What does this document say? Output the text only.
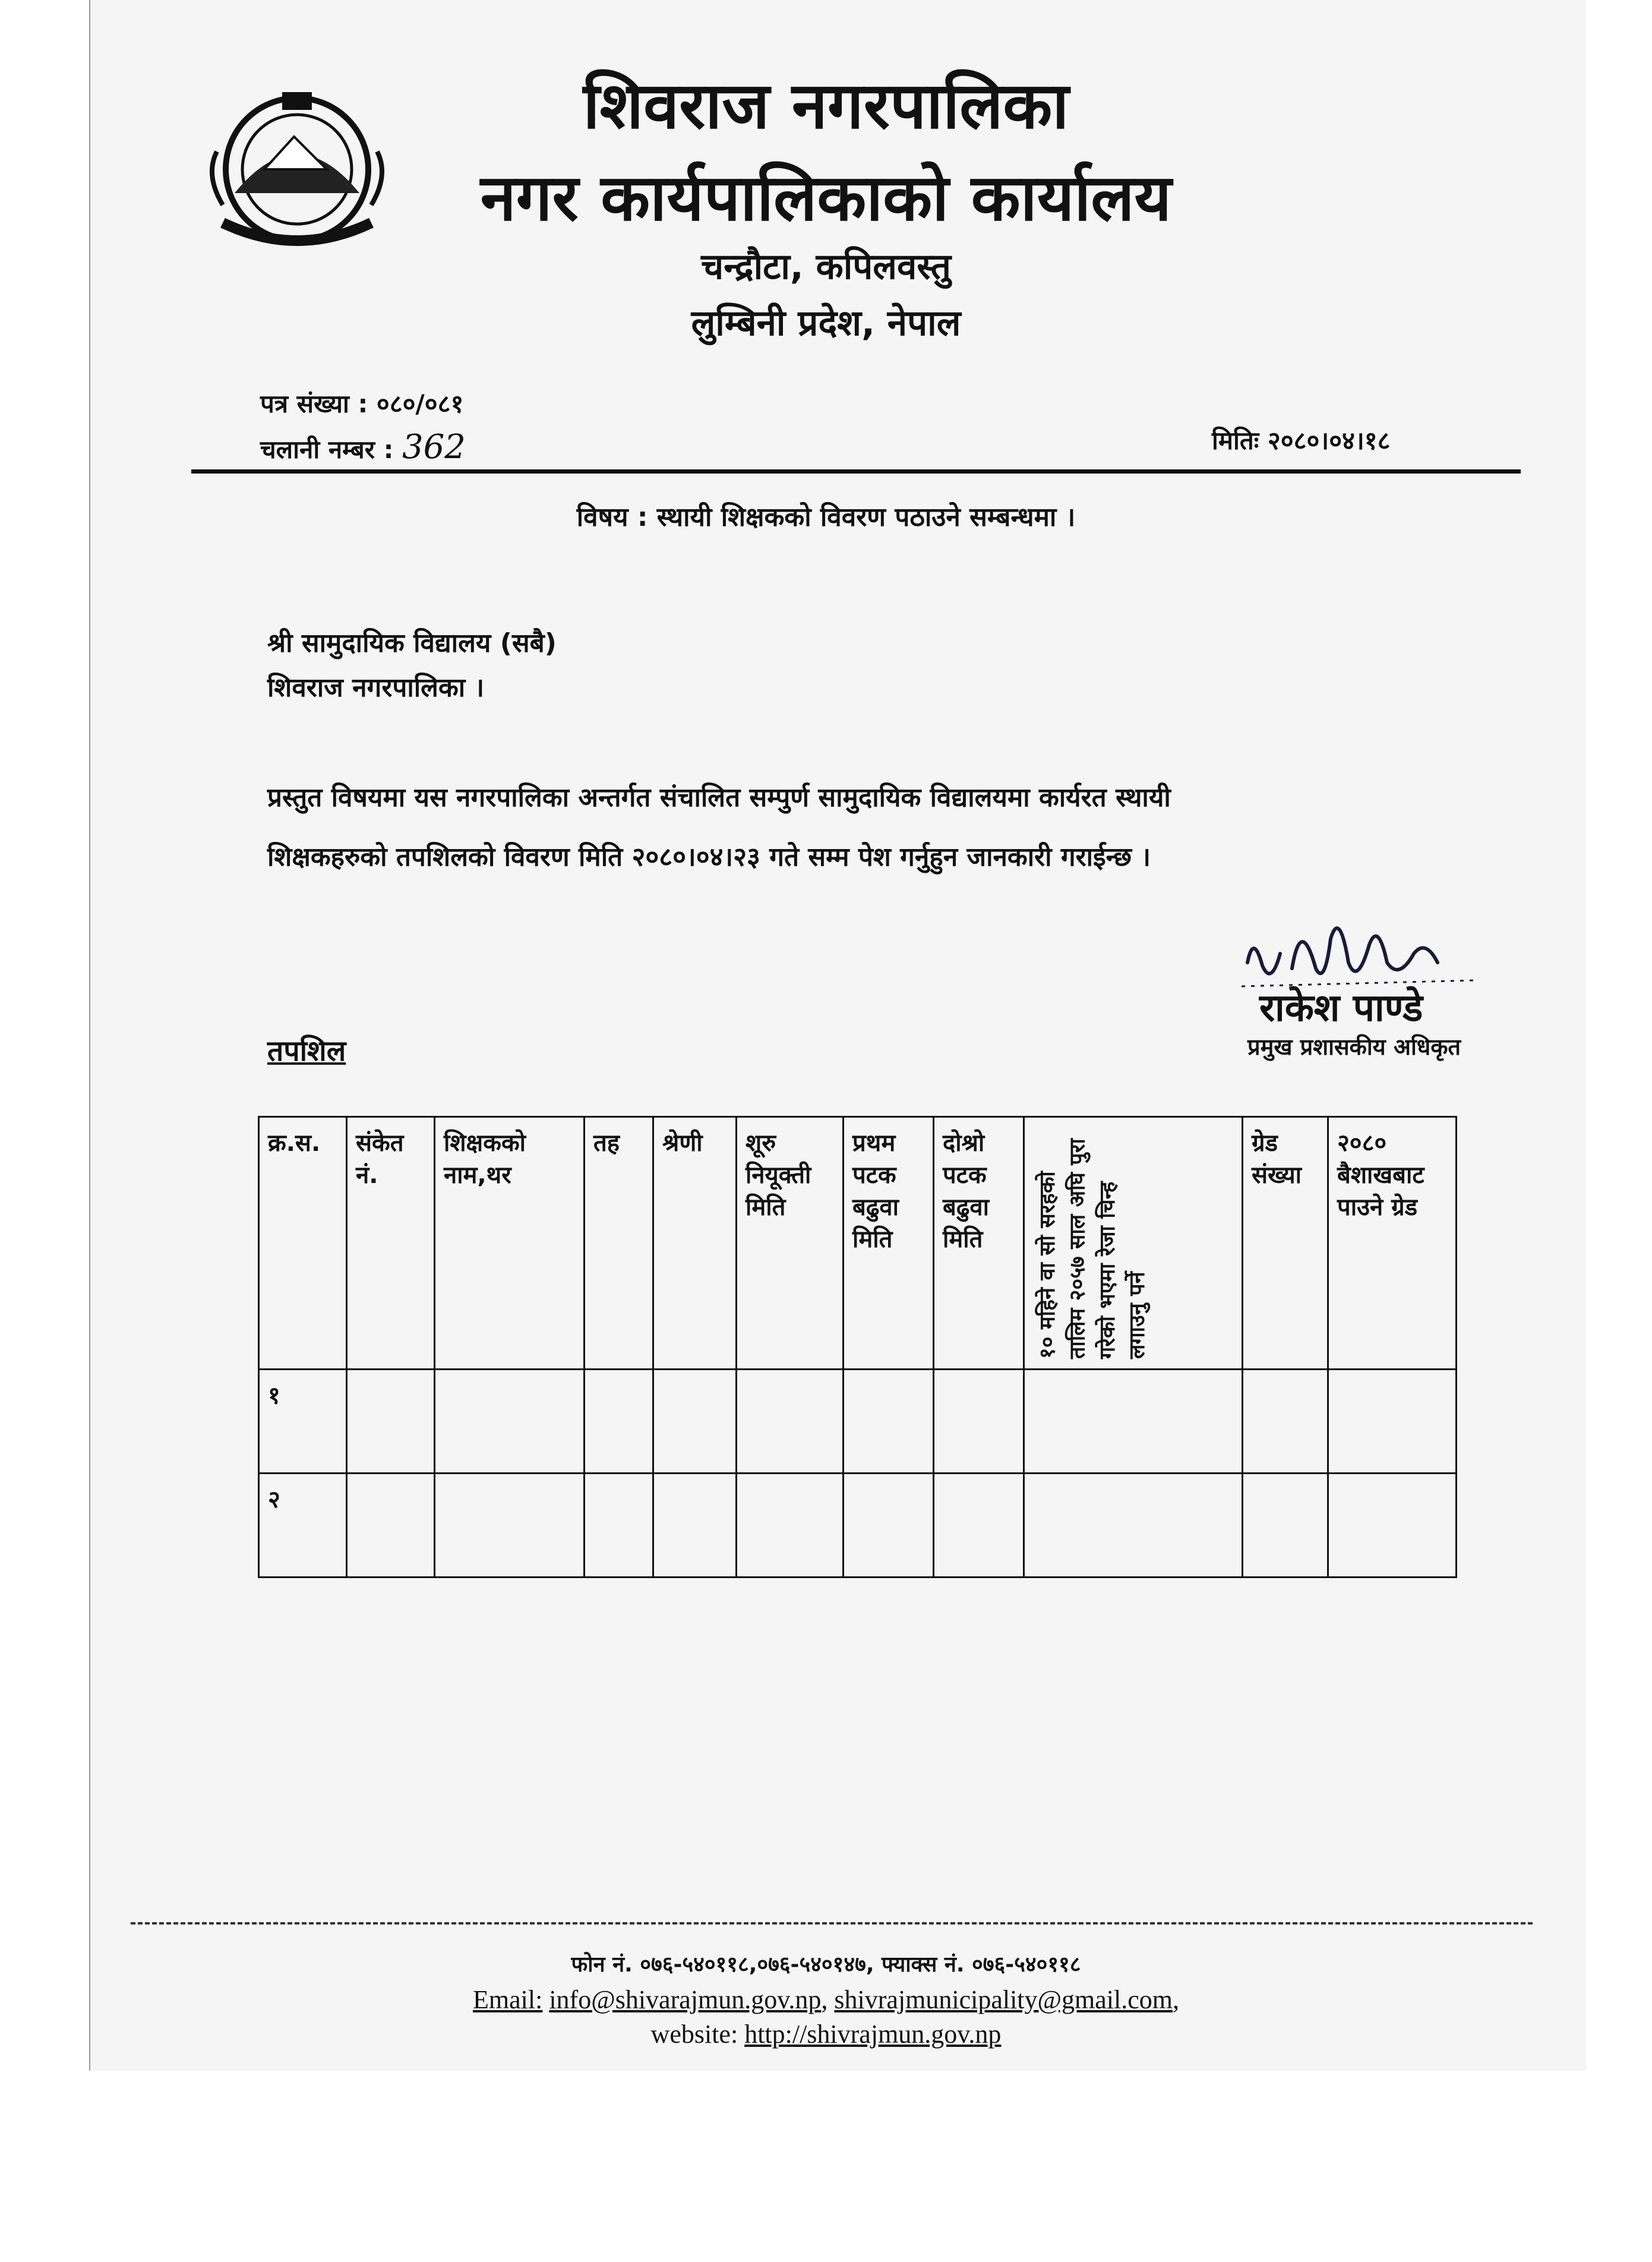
शिवराज नगरपालिका
नगर कार्यपालिकाको कार्यालय
चन्द्रौटा, कपिलवस्तु
लुम्बिनी प्रदेश, नेपाल
पत्र संख्या : ०८०/०८१
चलानी नम्बर : 362	मितिः २०८०।०४।१८
विषय : स्थायी शिक्षकको विवरण पठाउने सम्बन्धमा ।
श्री सामुदायिक विद्यालय (सबै)
शिवराज नगरपालिका ।
प्रस्तुत विषयमा यस नगरपालिका अन्तर्गत संचालित सम्पुर्ण सामुदायिक विद्यालयमा कार्यरत स्थायी
शिक्षकहरुको तपशिलको विवरण मिति २०८०।०४।२३ गते सम्म पेश गर्नुहुन जानकारी गराईन्छ ।
राकेश पाण्डे
प्रमुख प्रशासकीय अधिकृत
तपशिल
क्र.स.	संकेत नं.	शिक्षकको नाम,थर	तह	श्रेणी	शूरु नियूक्ती मिति	प्रथम पटक बढुवा मिति	दोश्रो पटक बढुवा मिति	१० महिने वा सो सरहको तालिम २०५७ साल अघि पुरा गरेको भएमा रेजा चिन्ह लगाउनु पर्ने	ग्रेड संख्या	२०८० बैशाखबाट पाउने ग्रेड
१										
२										
फोन नं. ०७६-५४०११८,०७६-५४०१४७, फ्याक्स नं. ०७६-५४०११८
Email: info@shivarajmun.gov.np, shivrajmunicipality@gmail.com,
website: http://shivrajmun.gov.np
